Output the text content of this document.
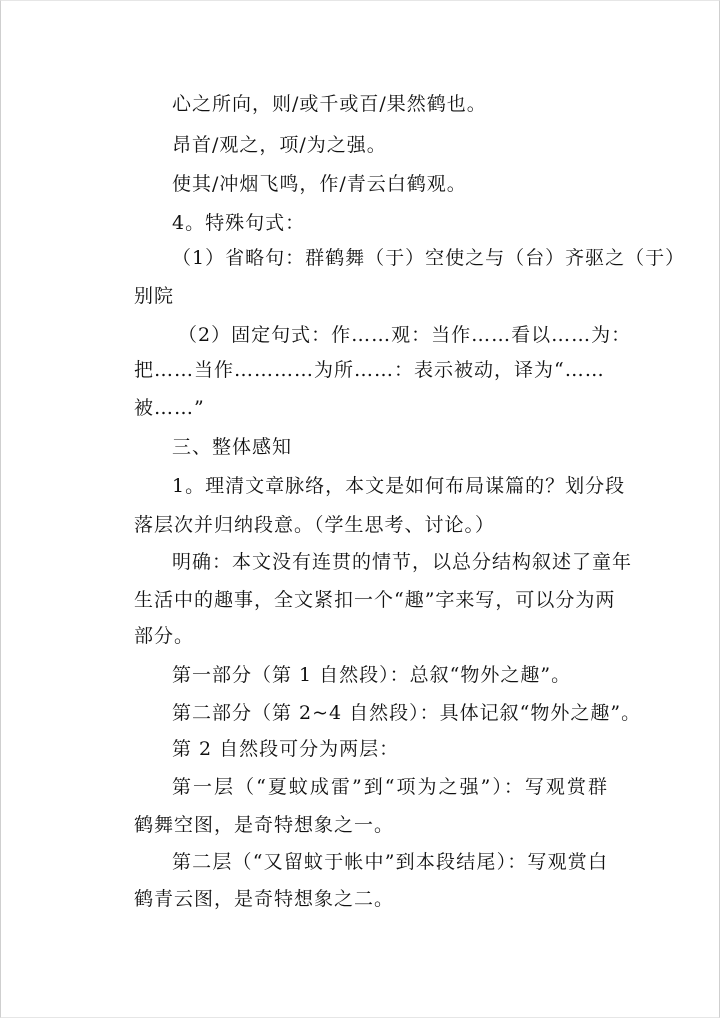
心之所向，则/或千或百/果然鹤也。
昂首/观之，项/为之强。
使其/冲烟飞鸣，作/青云白鹤观。
4。特殊句式：
（1）省略句：群鹤舞（于）空使之与（台）齐驱之（于）
别院
（2）固定句式：作……观：当作……看以……为：
把……当作…………为所……：表示被动，译为“……
被……”
三、整体感知
1。理清文章脉络，本文是如何布局谋篇的？划分段
落层次并归纳段意。（学生思考、讨论。）
明确：本文没有连贯的情节，以总分结构叙述了童年
生活中的趣事，全文紧扣一个“趣”字来写，可以分为两
部分。
第一部分（第 1 自然段）：总叙“物外之趣”。
第二部分（第 2~4 自然段）：具体记叙“物外之趣”。
第 2 自然段可分为两层：
第一层（“夏蚊成雷”到“项为之强”）：写观赏群
鹤舞空图，是奇特想象之一。
第二层（“又留蚊于帐中”到本段结尾）：写观赏白
鹤青云图，是奇特想象之二。
